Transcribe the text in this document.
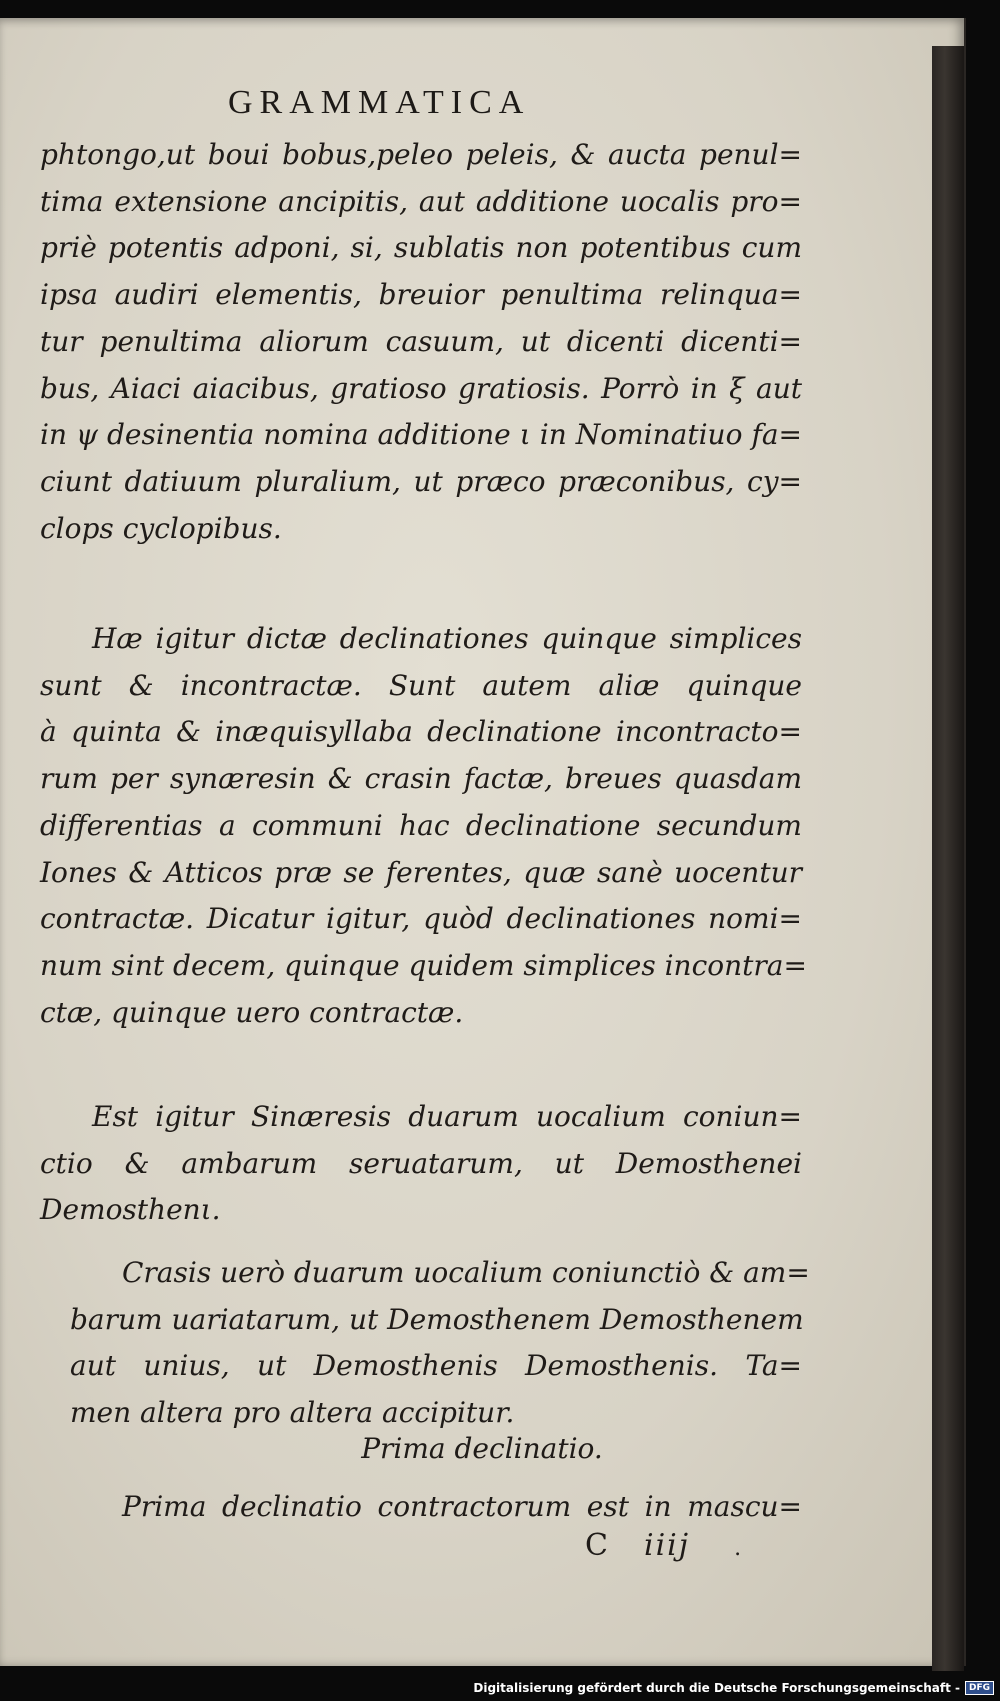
GRAMMATICA
phtongo,ut boui bobus,peleo peleis, & aucta penul=
tima extensione ancipitis, aut additione uocalis pro=
priè potentis adponi, si, sublatis non potentibus cum
ipsa audiri elementis, breuior penultima relinqua=
tur penultima aliorum casuum, ut dicenti dicenti=
bus, Aiaci aiacibus, gratioso gratiosis. Porrò in ξ aut
in ψ desinentia nomina additione ι in Nominatiuo fa=
ciunt datiuum pluralium, ut præco præconibus, cy=
clops cyclopibus.
Hæ igitur dictæ declinationes quinque simplices
sunt & incontractæ. Sunt autem aliæ quinque
à quinta & inæquisyllaba declinatione incontracto=
rum per synæresin & crasin factæ, breues quasdam
differentias a communi hac declinatione secundum
Iones & Atticos præ se ferentes, quæ sanè uocentur
contractæ. Dicatur igitur, quòd declinationes nomi=
num sint decem, quinque quidem simplices incontra=
ctæ, quinque uero contractæ.
Est igitur Sinæresis duarum uocalium coniun=
ctio & ambarum seruatarum, ut Demosthenei
Demosthenι.
Crasis uerò duarum uocalium coniunctiò & am=
barum uariatarum, ut Demosthenem Demosthenem
aut unius, ut Demosthenis Demosthenis. Ta=
men altera pro altera accipitur.
Prima declinatio.
Prima declinatio contractorum est in mascu=
C iiij .
Digitalisierung gefördert durch die Deutsche Forschungsgemeinschaft - DFG
